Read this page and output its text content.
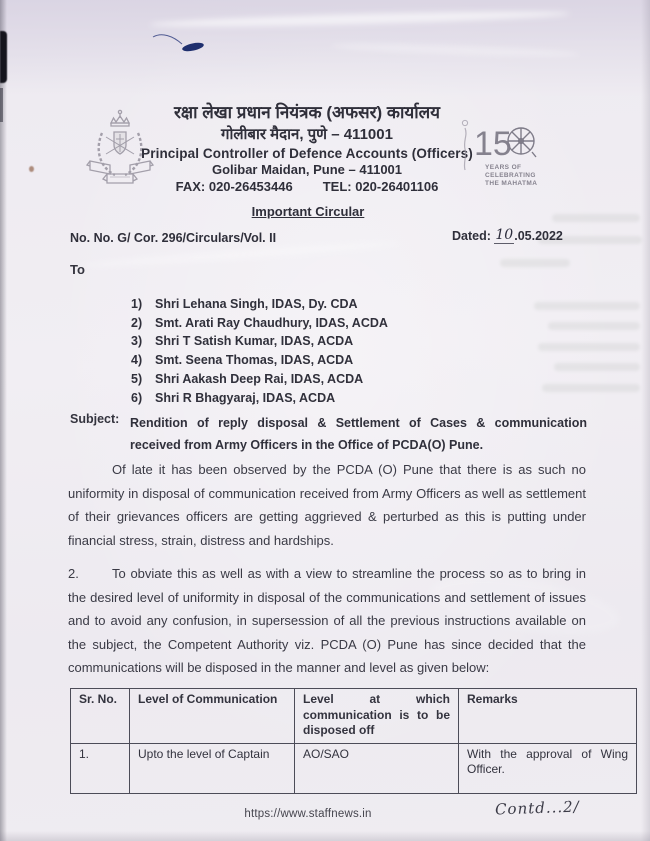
रक्षा लेखा प्रधान नियंत्रक (अफसर) कार्यालय
गोलीबार मैदान, पुणे – 411001
Principal Controller of Defence Accounts (Officers)
Golibar Maidan, Pune – 411001
FAX: 020-26453446 TEL: 020-26401106
15
YEARS OF
CELEBRATING
THE MAHATMA
Important Circular
No. No. G/ Cor. 296/Circulars/Vol. II	Dated: 10.05.2022
To
1)	Shri Lehana Singh, IDAS, Dy. CDA
2)	Smt. Arati Ray Chaudhury, IDAS, ACDA
3)	Shri T Satish Kumar, IDAS, ACDA
4)	Smt. Seena Thomas, IDAS, ACDA
5)	Shri Aakash Deep Rai, IDAS, ACDA
6)	Shri R Bhagyaraj, IDAS, ACDA
Subject: Rendition of reply disposal & Settlement of Cases & communication received from Army Officers in the Office of PCDA(O) Pune.
Of late it has been observed by the PCDA (O) Pune that there is as such no uniformity in disposal of communication received from Army Officers as well as settlement of their grievances officers are getting aggrieved & perturbed as this is putting under financial stress, strain, distress and hardships.
2.	To obviate this as well as with a view to streamline the process so as to bring in the desired level of uniformity in disposal of the communications and settlement of issues and to avoid any confusion, in supersession of all the previous instructions available on the subject, the Competent Authority viz. PCDA (O) Pune has since decided that the communications will be disposed in the manner and level as given below:
Sr. No.	Level of Communication	Level at which communication is to be disposed off	Remarks
1.	Upto the level of Captain	AO/SAO	With the approval of Wing Officer.
https://www.staffnews.in	Contd...2/
